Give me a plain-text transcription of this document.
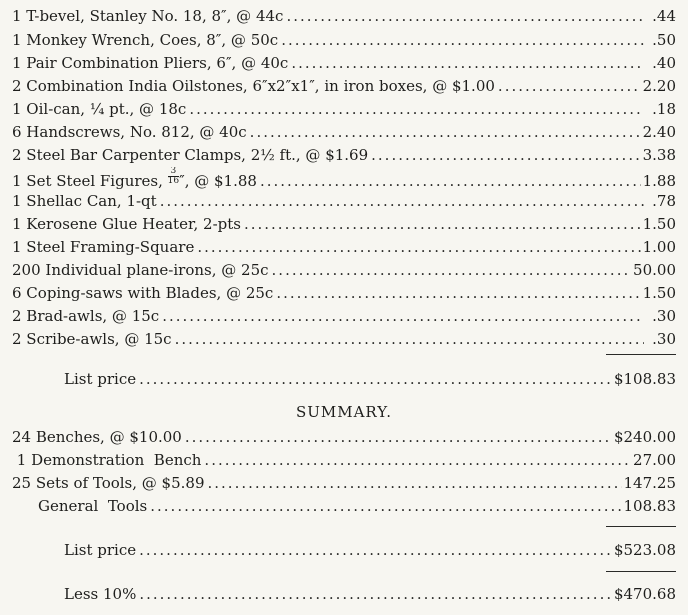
1 T-bevel, Stanley No. 18, 8″, @ 44c .....	.44
1 Monkey Wrench, Coes, 8″, @ 50c .....	.50
1 Pair Combination Pliers, 6″, @ 40c .....	.40
2 Combination India Oilstones, 6″x2″x1″, in iron boxes, @ $1.00 .....	2.20
1 Oil-can, ¼ pt., @ 18c .....	.18
6 Handscrews, No. 812, @ 40c .....	2.40
2 Steel Bar Carpenter Clamps, 2½ ft., @ $1.69 .....	3.38
1 Set Steel Figures, $\frac{3}{16}$ ″, @ $1.88 .....	1.88
1 Shellac Can, 1-qt .....	.78
1 Kerosene Glue Heater, 2-pts .....	1.50
1 Steel Framing-Square .....	1.00
200 Individual plane-irons, @ 25c .....	50.00
6 Coping-saws with Blades, @ 25c .....	1.50
2 Brad-awls, @ 15c .....	.30
2 Scribe-awls, @ 15c .....	.30
List price .....	$108.83
SUMMARY.
24 Benches, @ $10.00 .....	$240.00
1 Demonstration  Bench .....	27.00
25 Sets of Tools, @ $5.89 .....	147.25
General  Tools .....	108.83
List price .....	$523.08
Less 10% .....	$470.68
